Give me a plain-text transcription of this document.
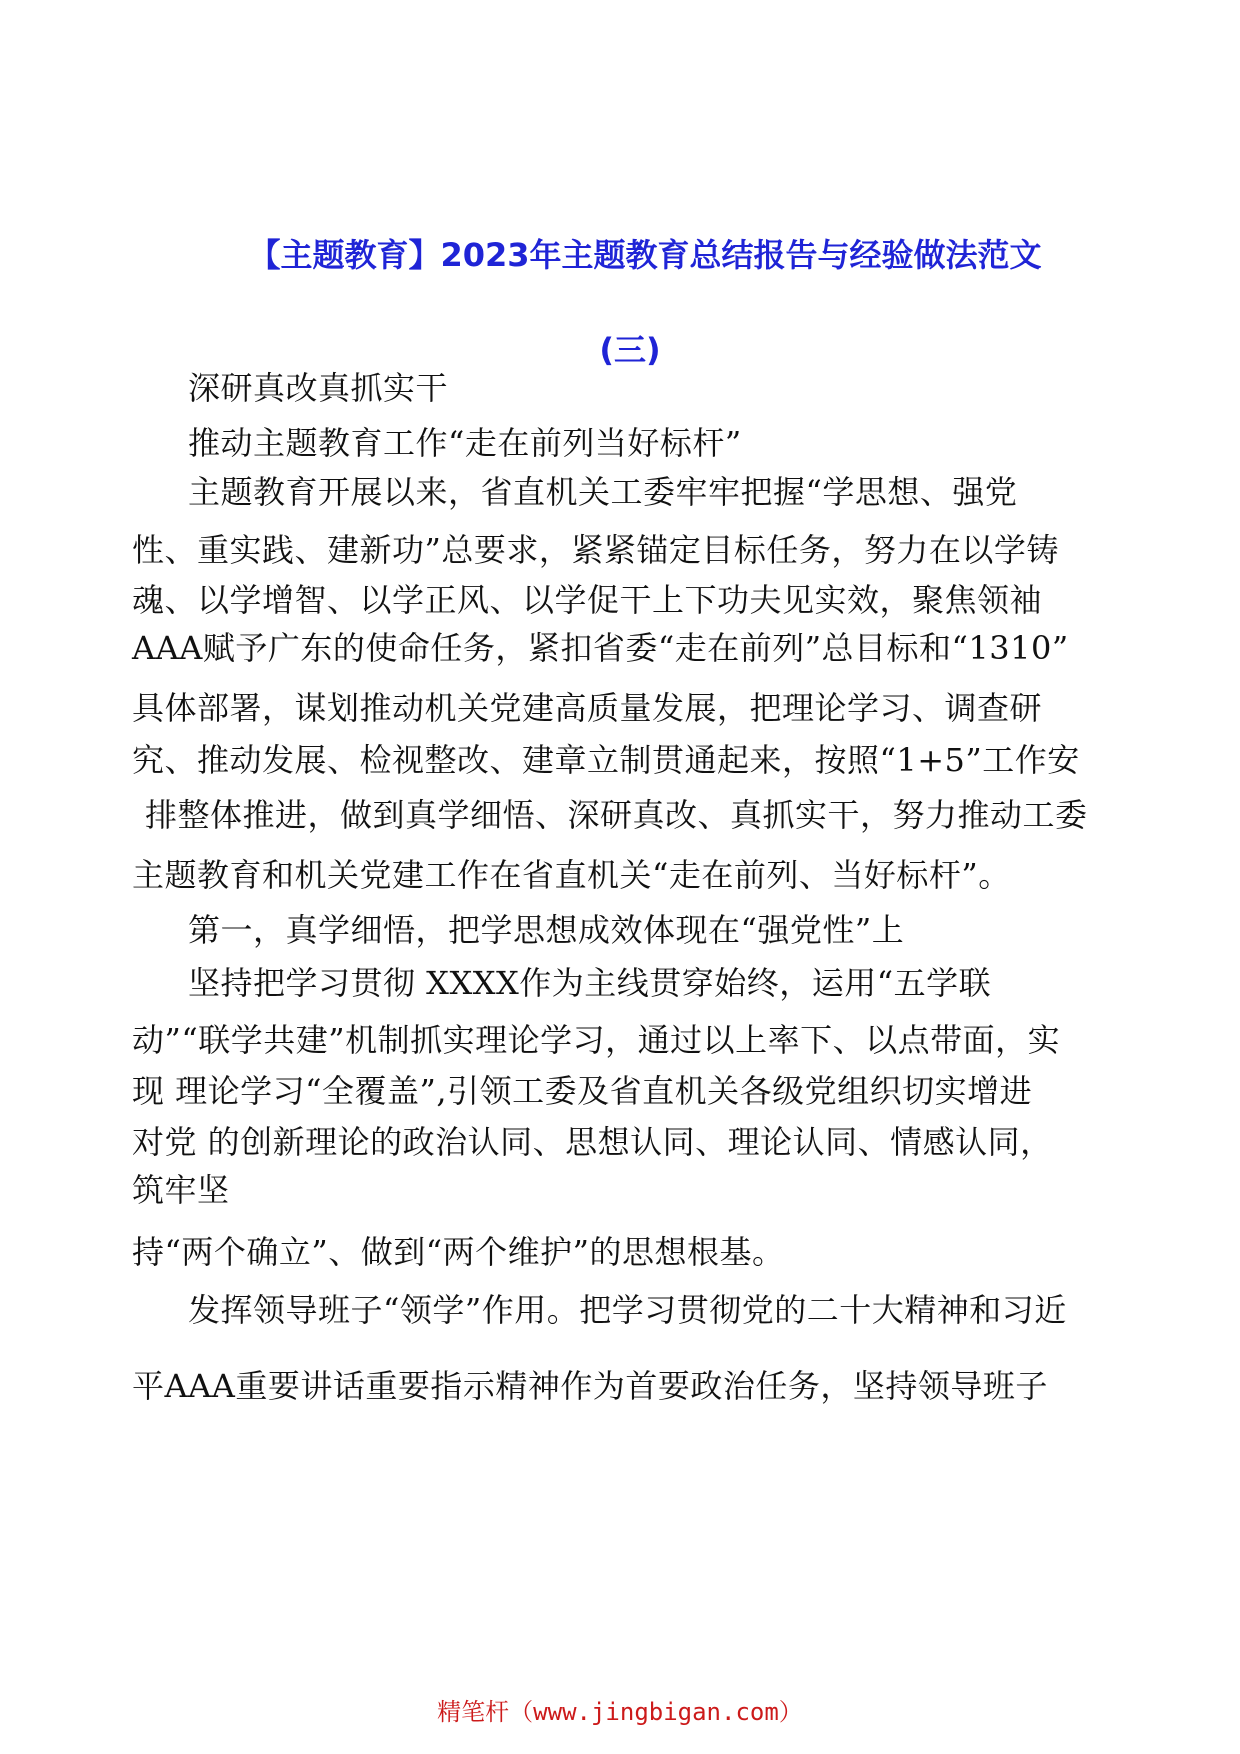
【主题教育】2023年主题教育总结报告与经验做法范文
(三)

深研真改真抓实干

推动主题教育工作“走在前列当好标杆”

主题教育开展以来，省直机关工委牢牢把握“学思想、强党

性、重实践、建新功”总要求，紧紧锚定目标任务，努力在以学铸

魂、以学增智、以学正风、以学促干上下功夫见实效，聚焦领袖

AAA赋予广东的使命任务，紧扣省委“走在前列”总目标和“1310”

具体部署，谋划推动机关党建高质量发展，把理论学习、调查研

究、推动发展、检视整改、建章立制贯通起来，按照“1+5”工作安

排整体推进，做到真学细悟、深研真改、真抓实干，努力推动工委

主题教育和机关党建工作在省直机关“走在前列、当好标杆”。

第一，真学细悟，把学思想成效体现在“强党性”上

坚持把学习贯彻 XXXX作为主线贯穿始终，运用“五学联

动”“联学共建”机制抓实理论学习，通过以上率下、以点带面，实

现 理论学习“全覆盖”,引领工委及省直机关各级党组织切实增进

对党 的创新理论的政治认同、思想认同、理论认同、情感认同，

筑牢坚

持“两个确立”、做到“两个维护”的思想根基。

发挥领导班子“领学”作用。把学习贯彻党的二十大精神和习近

平AAA重要讲话重要指示精神作为首要政治任务，坚持领导班子

精笔杆（www.jingbigan.com）
